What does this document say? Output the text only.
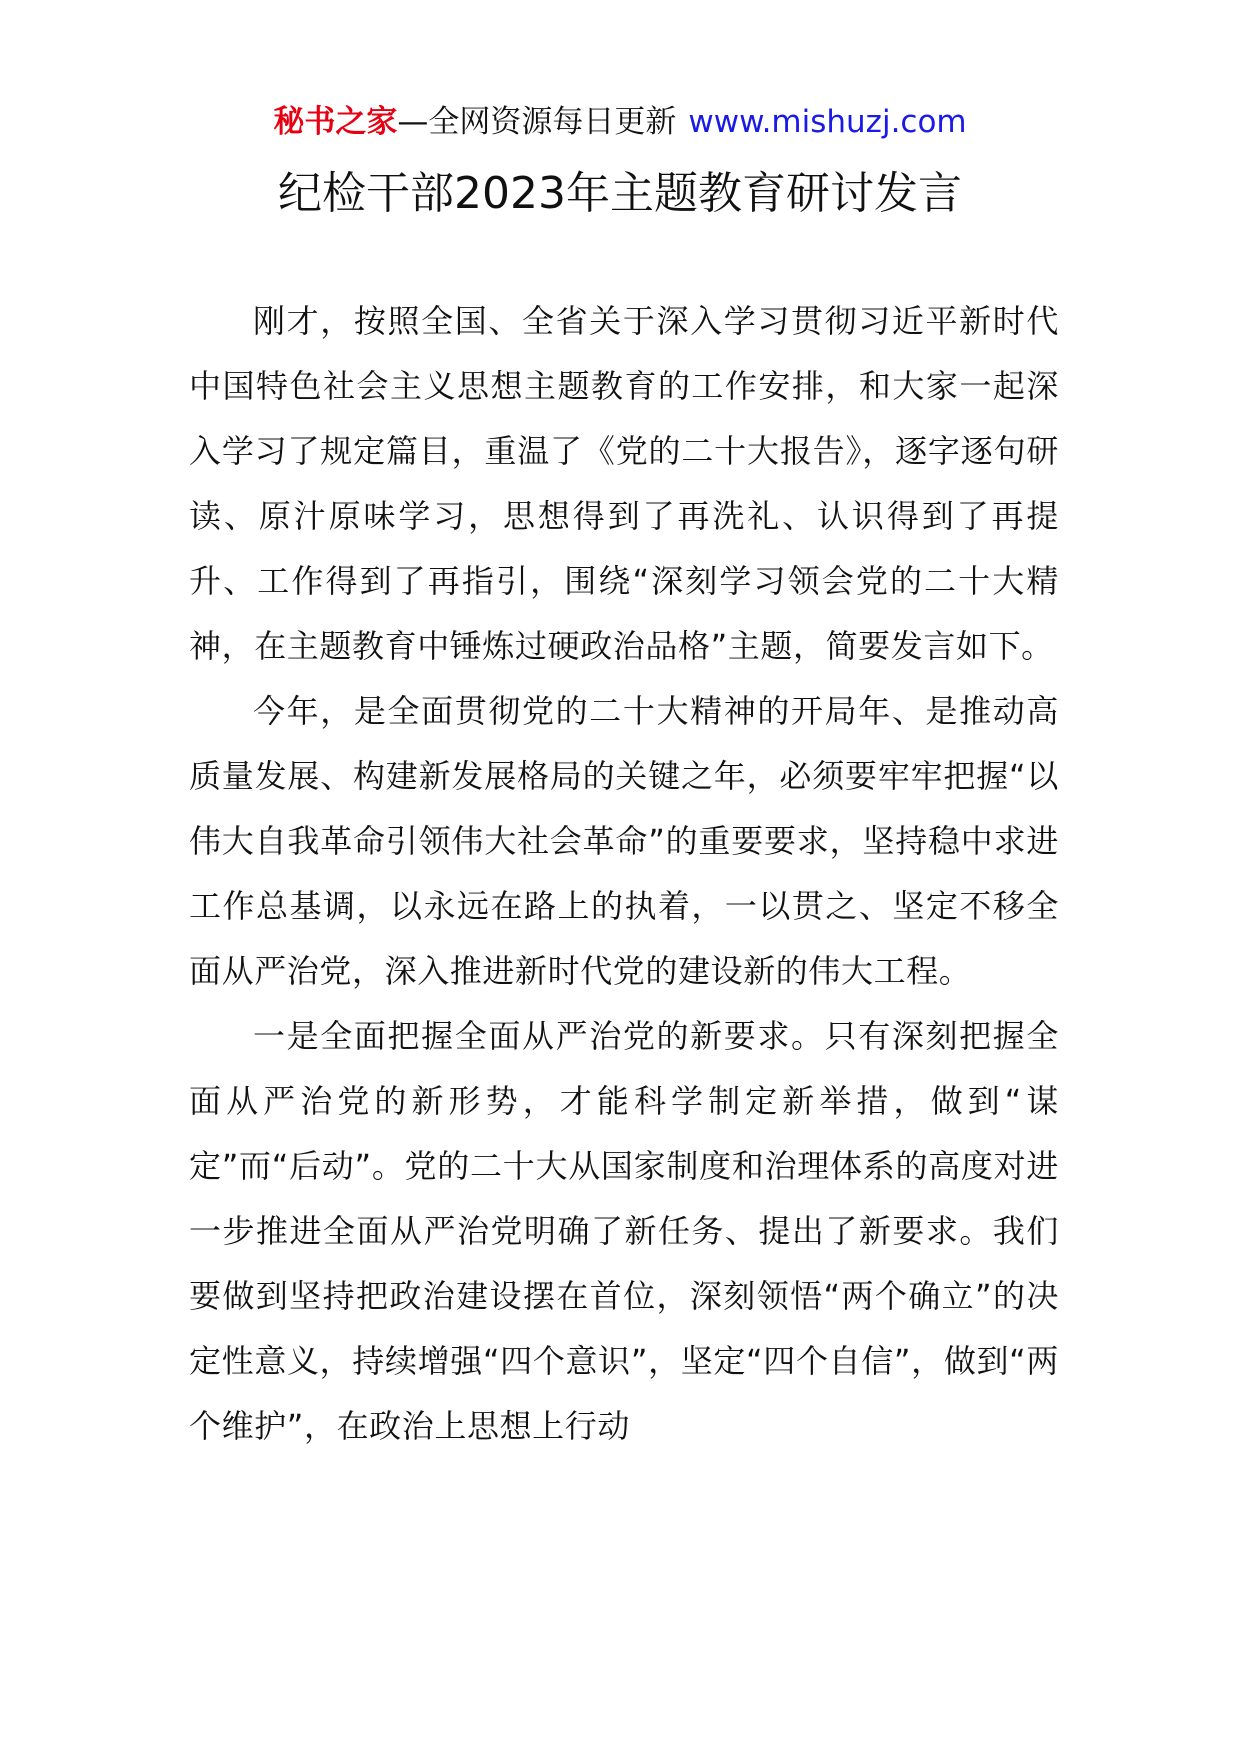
秘书之家—全网资源每日更新 www.mishuzj.com
纪检干部2023年主题教育研讨发言

刚才，按照全国、全省关于深入学习贯彻习近平新时代中国特色社会主义思想主题教育的工作安排，和大家一起深入学习了规定篇目，重温了《党的二十大报告》，逐字逐句研读、原汁原味学习，思想得到了再洗礼、认识得到了再提升、工作得到了再指引，围绕“深刻学习领会党的二十大精神，在主题教育中锤炼过硬政治品格”主题，简要发言如下。

今年，是全面贯彻党的二十大精神的开局年、是推动高质量发展、构建新发展格局的关键之年，必须要牢牢把握“以伟大自我革命引领伟大社会革命”的重要要求，坚持稳中求进工作总基调，以永远在路上的执着，一以贯之、坚定不移全面从严治党，深入推进新时代党的建设新的伟大工程。

一是全面把握全面从严治党的新要求。只有深刻把握全面从严治党的新形势，才能科学制定新举措，做到“谋定”而“后动”。党的二十大从国家制度和治理体系的高度对进一步推进全面从严治党明确了新任务、提出了新要求。我们要做到坚持把政治建设摆在首位，深刻领悟“两个确立”的决定性意义，持续增强“四个意识”，坚定“四个自信”，做到“两个维护”，在政治上思想上行动
